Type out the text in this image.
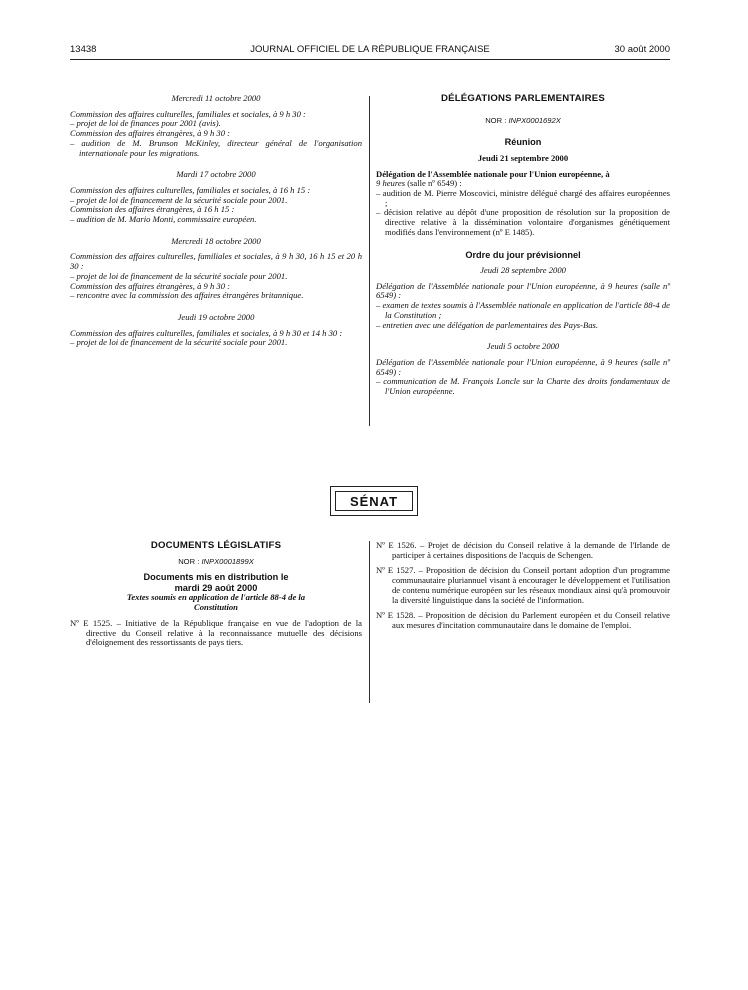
13438	JOURNAL OFFICIEL DE LA RÉPUBLIQUE FRANÇAISE	30 août 2000
Mercredi 11 octobre 2000
Commission des affaires culturelles, familiales et sociales, à 9 h 30 :
– projet de loi de finances pour 2001 (avis).
Commission des affaires étrangères, à 9 h 30 :
– audition de M. Brunson McKinley, directeur général de l'organisation internationale pour les migrations.
Mardi 17 octobre 2000
Commission des affaires culturelles, familiales et sociales, à 16 h 15 :
– projet de loi de financement de la sécurité sociale pour 2001.
Commission des affaires étrangères, à 16 h 15 :
– audition de M. Mario Monti, commissaire européen.
Mercredi 18 octobre 2000
Commission des affaires culturelles, familiales et sociales, à 9 h 30, 16 h 15 et 20 h 30 :
– projet de loi de financement de la sécurité sociale pour 2001.
Commission des affaires étrangères, à 9 h 30 :
– rencontre avec la commission des affaires étrangères britannique.
Jeudi 19 octobre 2000
Commission des affaires culturelles, familiales et sociales, à 9 h 30 et 14 h 30 :
– projet de loi de financement de la sécurité sociale pour 2001.
DÉLÉGATIONS PARLEMENTAIRES
NOR : INPX0001692X
Réunion
Jeudi 21 septembre 2000
Délégation de l'Assemblée nationale pour l'Union européenne, à
9 heures (salle nº 6549) :
– audition de M. Pierre Moscovici, ministre délégué chargé des affaires européennes ;
– décision relative au dépôt d'une proposition de résolution sur la proposition de directive relative à la dissémination volontaire d'organismes génétiquement modifiés dans l'environnement (nº E 1485).
Ordre du jour prévisionnel
Jeudi 28 septembre 2000
Délégation de l'Assemblée nationale pour l'Union européenne, à 9 heures (salle nº 6549) :
– examen de textes soumis à l'Assemblée nationale en application de l'article 88-4 de la Constitution ;
– entretien avec une délégation de parlementaires des Pays-Bas.
Jeudi 5 octobre 2000
Délégation de l'Assemblée nationale pour l'Union européenne, à 9 heures (salle nº 6549) :
– communication de M. François Loncle sur la Charte des droits fondamentaux de l'Union européenne.
SÉNAT
DOCUMENTS LÉGISLATIFS
NOR : INPX0001899X
Documents mis en distribution le mardi 29 août 2000
Textes soumis en application de l'article 88-4 de la Constitution
Nº E 1525. – Initiative de la République française en vue de l'adoption de la directive du Conseil relative à la reconnaissance mutuelle des décisions d'éloignement des ressortissants de pays tiers.
Nº E 1526. – Projet de décision du Conseil relative à la demande de l'Irlande de participer à certaines dispositions de l'acquis de Schengen.
Nº E 1527. – Proposition de décision du Conseil portant adoption d'un programme communautaire pluriannuel visant à encourager le développement et l'utilisation de contenu numérique européen sur les réseaux mondiaux ainsi qu'à promouvoir la diversité linguistique dans la société de l'information.
Nº E 1528. – Proposition de décision du Parlement européen et du Conseil relative aux mesures d'incitation communautaire dans le domaine de l'emploi.
